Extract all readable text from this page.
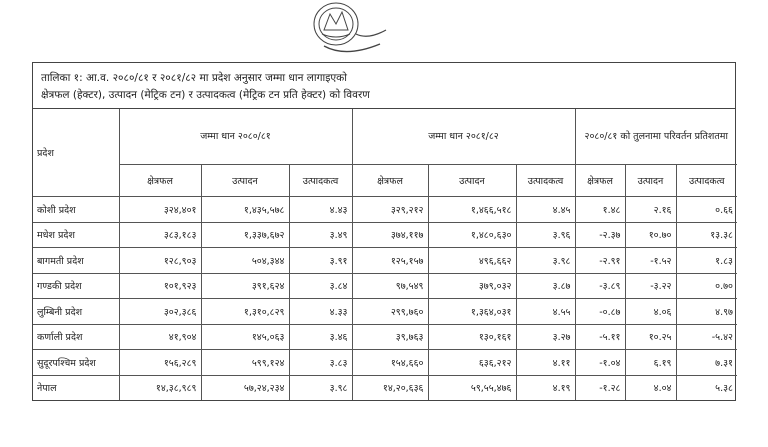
तालिका १: आ.व. २०८०/८१ र २०८१/८२ मा प्रदेश अनुसार जम्मा धान लागाइएको
क्षेत्रफल (हेक्टर), उत्पादन (मेट्रिक टन) र उत्पादकत्व (मेट्रिक टन प्रति हेक्टर) को विवरण
प्रदेश	जम्मा धान २०८०/८१			जम्मा धान २०८१/८२			२०८०/८१ को तुलनामा परिवर्तन प्रतिशतमा		
	क्षेत्रफल	उत्पादन	उत्पादकत्व	क्षेत्रफल	उत्पादन	उत्पादकत्व	क्षेत्रफल	उत्पादन	उत्पादकत्व
कोशी प्रदेश	३२४,४०१	१,४३५,५७८	४.४३	३२९,२१२	१,४६६,५१८	४.४५	१.४८	२.१६	०.६६
मधेश प्रदेश	३८३,१८३	१,३३७,६७२	३.४९	३७४,११७	१,४८०,६३०	३.९६	-२.३७	१०.७०	१३.३८
बागमती प्रदेश	१२८,९०३	५०४,३४४	३.९१	१२५,१५७	४९६,६६२	३.९८	-२.९१	-१.५२	१.८३
गण्डकी प्रदेश	१०१,९२३	३९१,६२४	३.८४	९७,५४९	३७९,०३२	३.८७	-३.८९	-३.२२	०.७०
लुम्बिनी प्रदेश	३०२,३८६	१,३१०,८२९	४.३३	२९९,७६०	१,३६४,०३१	४.५५	-०.८७	४.०६	४.९७
कर्णाली प्रदेश	४१,९०४	१४५,०६३	३.४६	३९,७६३	१३०,१६१	३.२७	-५.११	१०.२५	-५.४२
सुदूरपश्चिम प्रदेश	१५६,२८९	५९९,१२४	३.८३	१५४,६६०	६३६,२१२	४.११	-१.०४	६.१९	७.३१
नेपाल	१४,३८,९८९	५७,२४,२३४	३.९८	१४,२०,६३६	५९,५५,४७६	४.१९	-१.२८	४.०४	५.३८
